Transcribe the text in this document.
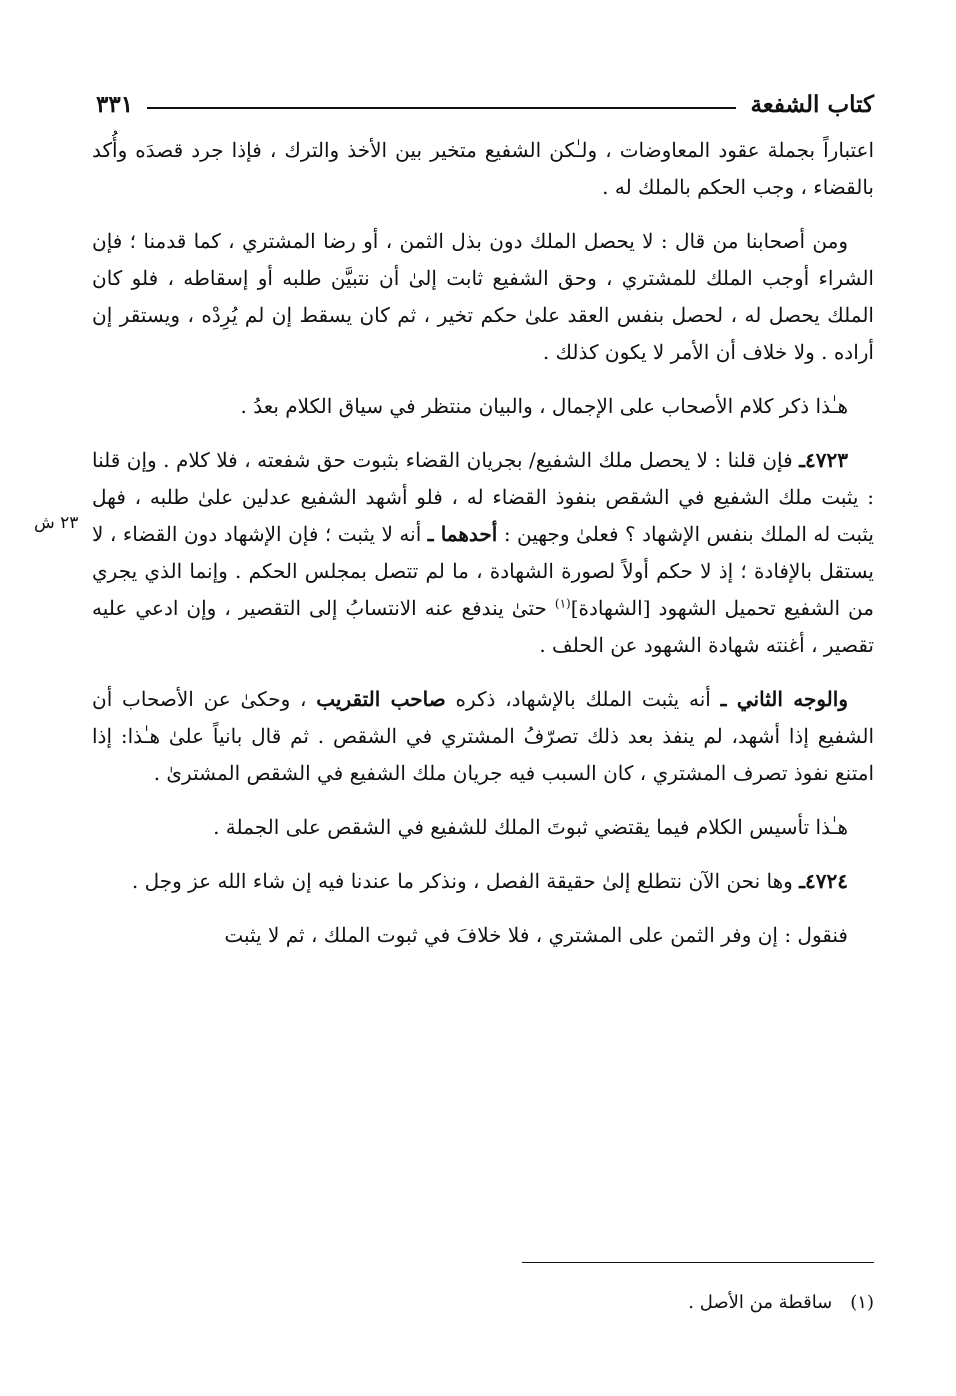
كتاب الشفعة
٣٣١
٢٣ ش

اعتباراً بجملة عقود المعاوضات ، ولـٰكن الشفيع متخير بين الأخذ والترك ، فإذا جرد قصدَه وأُكد بالقضاء ، وجب الحكم بالملك له .

ومن أصحابنا من قال : لا يحصل الملك دون بذل الثمن ، أو رضا المشتري ، كما قدمنا ؛ فإن الشراء أوجب الملك للمشتري ، وحق الشفيع ثابت إلىٰ أن نتبيَّن طلبه أو إسقاطه ، فلو كان الملك يحصل له ، لحصل بنفس العقد علىٰ حكم تخير ، ثم كان يسقط إن لم يُرِدْه ، ويستقر إن أراده . ولا خلاف أن الأمر لا يكون كذلك .

هـٰذا ذكر كلام الأصحاب على الإجمال ، والبيان منتظر في سياق الكلام بعدُ .

٤٧٢٣ـ فإن قلنا : لا يحصل ملك الشفيع/ بجريان القضاء بثبوت حق شفعته ، فلا كلام . وإن قلنا : يثبت ملك الشفيع في الشقص بنفوذ القضاء له ، فلو أشهد الشفيع عدلين علىٰ طلبه ، فهل يثبت له الملك بنفس الإشهاد ؟ فعلىٰ وجهين : أحدهما ـ أنه لا يثبت ؛ فإن الإشهاد دون القضاء ، لا يستقل بالإفادة ؛ إذ لا حكم أولاً لصورة الشهادة ، ما لم تتصل بمجلس الحكم . وإنما الذي يجري من الشفيع تحميل الشهود [الشهادة]$^{(١)}$ حتىٰ يندفع عنه الانتسابُ إلى التقصير ، وإن ادعي عليه تقصير ، أغنته شهادة الشهود عن الحلف .

والوجه الثاني ـ أنه يثبت الملك بالإشهاد، ذكره صاحب التقريب ، وحكىٰ عن الأصحاب أن الشفيع إذا أشهد، لم ينفذ بعد ذلك تصرّفُ المشتري في الشقص . ثم قال بانياً علىٰ هـٰذا: إذا امتنع نفوذ تصرف المشتري ، كان السبب فيه جريان ملك الشفيع في الشقص المشترىٰ .

هـٰذا تأسيس الكلام فيما يقتضي ثبوتَ الملك للشفيع في الشقص على الجملة .

٤٧٢٤ـ وها نحن الآن نتطلع إلىٰ حقيقة الفصل ، ونذكر ما عندنا فيه إن شاء الله عز وجل .

فنقول : إن وفر الثمن على المشتري ، فلا خلافَ في ثبوت الملك ، ثم لا يثبت

(١)ساقطة من الأصل .
